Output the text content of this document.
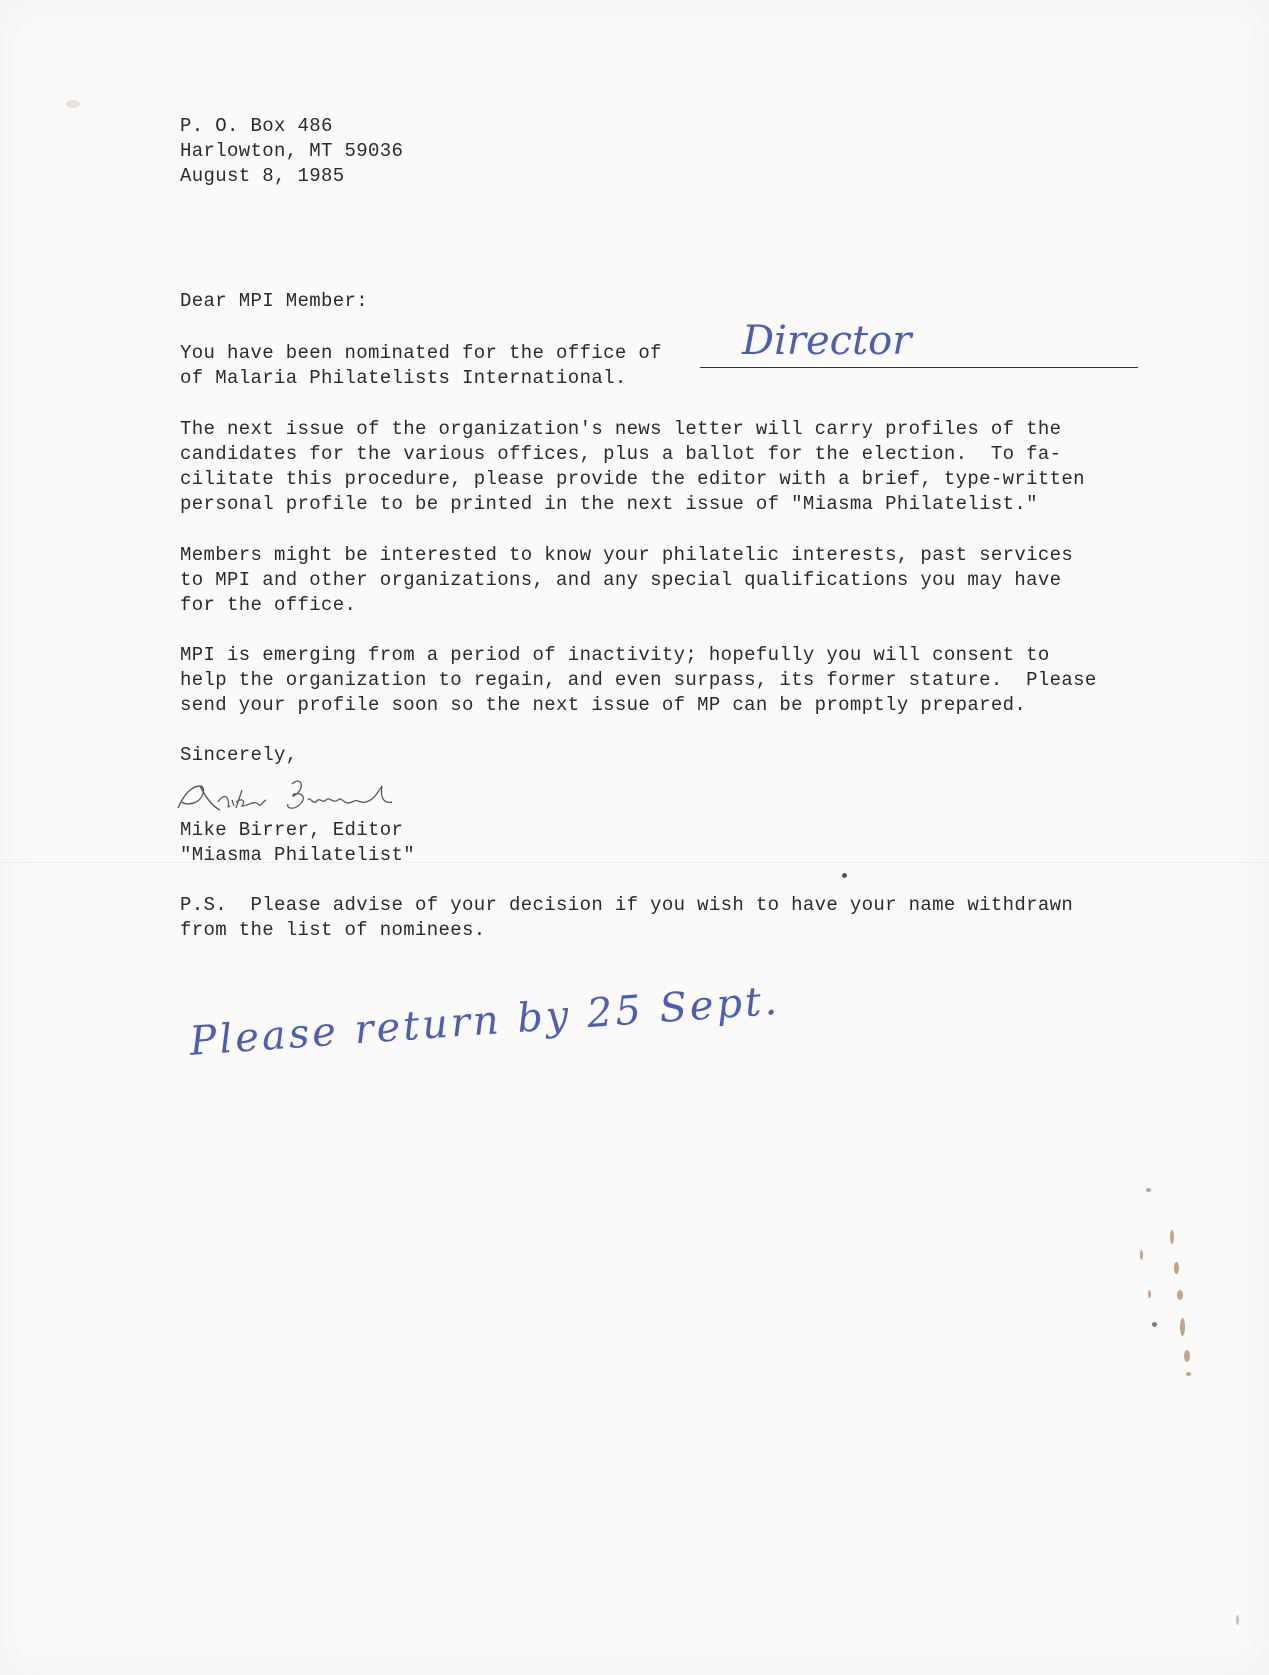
P. O. Box 486
Harlowton, MT 59036
August 8, 1985
Dear MPI Member:
You have been nominated for the office of Director
of Malaria Philatelists International.
The next issue of the organization's news letter will carry profiles of the
candidates for the various offices, plus a ballot for the election.  To fa-
cilitate this procedure, please provide the editor with a brief, type-written
personal profile to be printed in the next issue of "Miasma Philatelist."
Members might be interested to know your philatelic interests, past services
to MPI and other organizations, and any special qualifications you may have
for the office.
MPI is emerging from a period of inactivity; hopefully you will consent to
help the organization to regain, and even surpass, its former stature.  Please
send your profile soon so the next issue of MP can be promptly prepared.
Sincerely,
Mike Birrer
Mike Birrer, Editor
"Miasma Philatelist"
P.S.  Please advise of your decision if you wish to have your name withdrawn
from the list of nominees.
Please return by 25 Sept.
